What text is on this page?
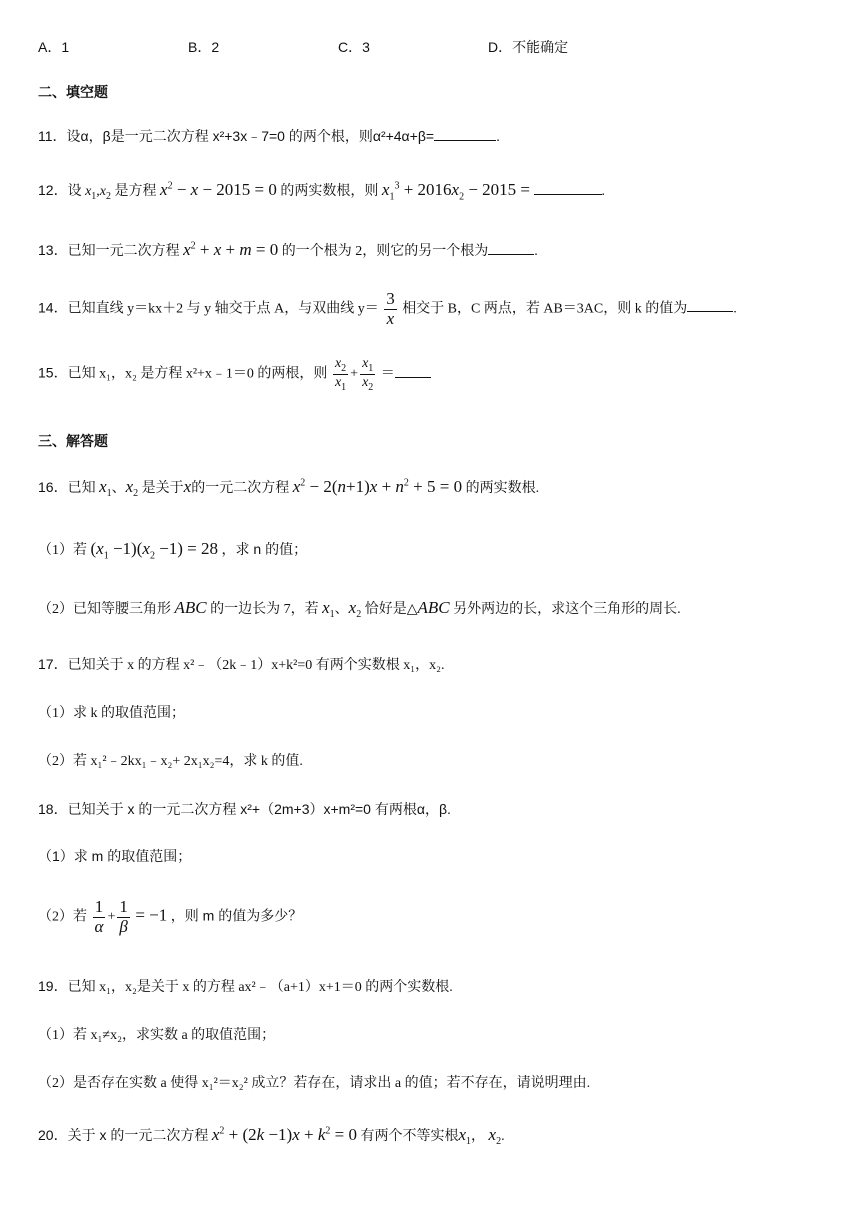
A．1	B．2	C．3	D．不能确定
二、填空题
11．设α，β是一元二次方程 x²+3x﹣7=0 的两个根，则α²+4α+β=	.
12．设 $x_1,x_2$ 是方程 $x^2 - x - 2015 = 0$ 的两实数根，则 $x_1^3 + 2016x_2 - 2015$ =	.
13．已知一元二次方程 $x^2 + x + m = 0$ 的一个根为 2，则它的另一个根为	.
14．已知直线 y＝kx＋2 与 y 轴交于点 A，与双曲线 $y= \frac{3}{x}$ 相交于 B，C 两点，若 AB＝3AC，则 k 的值为	.
15．已知 x₁，x₂ 是方程 x²+x﹣1＝0 的两根，则 $\frac{x_2}{x_1} + \frac{x_1}{x_2}$ ＝
三、解答题
16．已知 $x_1$、$x_2$ 是关于x的一元二次方程 $x^2 - 2(n+1)x + n^2 + 5 = 0$ 的两实数根.
（1）若 $(x_1 -1)(x_2 -1) = 28$ ，求 n 的值；
（2）已知等腰三角形 ABC 的一边长为 7，若 $x_1$、$x_2$ 恰好是△ABC 另外两边的长，求这个三角形的周长.
17．已知关于 x 的方程 x²﹣（2k﹣1）x+k²=0 有两个实数根 x₁，x₂.
（1）求 k 的取值范围；
（2）若 x₁²﹣2kx₁﹣x₂+ 2x₁x₂=4，求 k 的值.
18．已知关于 x 的一元二次方程 x²+（2m+3）x+m²=0 有两根α，β.
（1）求 m 的取值范围；
（2）若 $\frac{1}{\alpha} + \frac{1}{\beta} = -1$ ，则 m 的值为多少？
19．已知 x₁，x₂是关于 x 的方程 ax²﹣（a+1）x+1＝0 的两个实数根.
（1）若 x₁≠x₂，求实数 a 的取值范围；
（2）是否存在实数 a 使得 x₁²＝x₂² 成立？若存在，请求出 a 的值；若不存在，请说明理由.
20．关于 x 的一元二次方程 $x^2 + (2k -1)x + k^2 = 0$ 有两个不等实根$x_1$， $x_2$.
